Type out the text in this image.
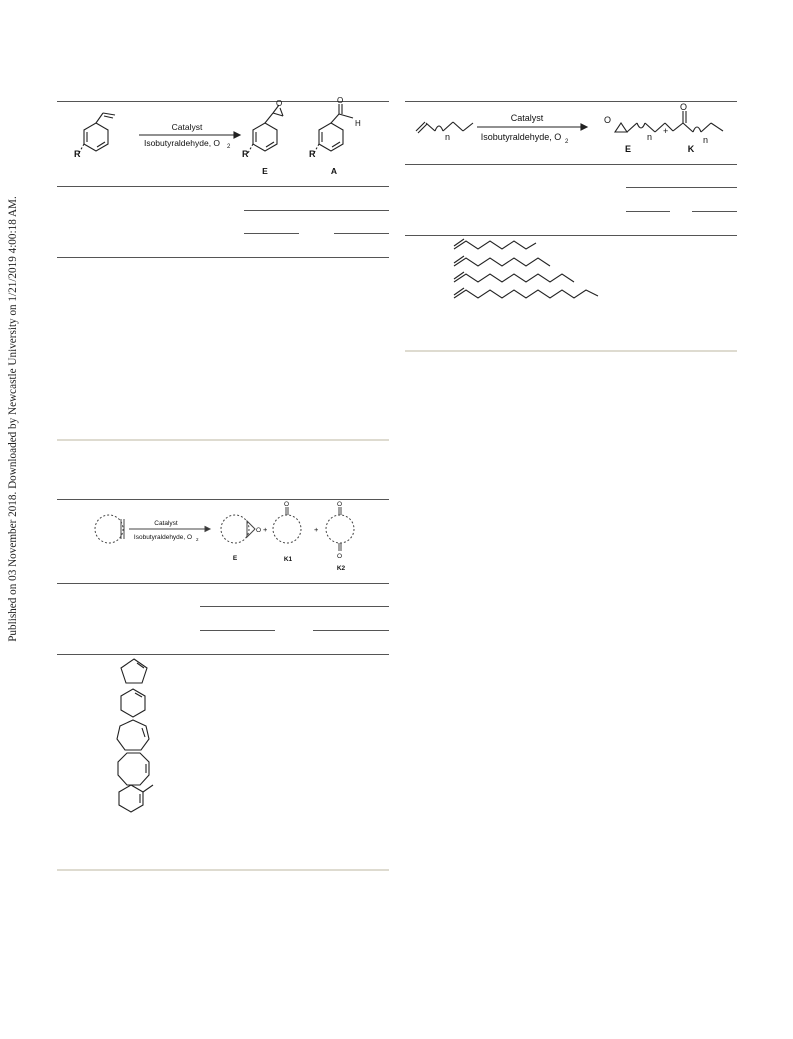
Published on 03 November 2018. Downloaded by Newcastle University on 1/21/2019 4:00:18 AM.
Catalyst
Isobutyraldehyde, O 2
R	R	R
O	O
H
E	A
n
Catalyst
Isobutyraldehyde, O 2
O
n
+
O
n
E	K
Catalyst
Isobutyraldehyde, O 2
O +
O
+
O
O
E	K1
K2
